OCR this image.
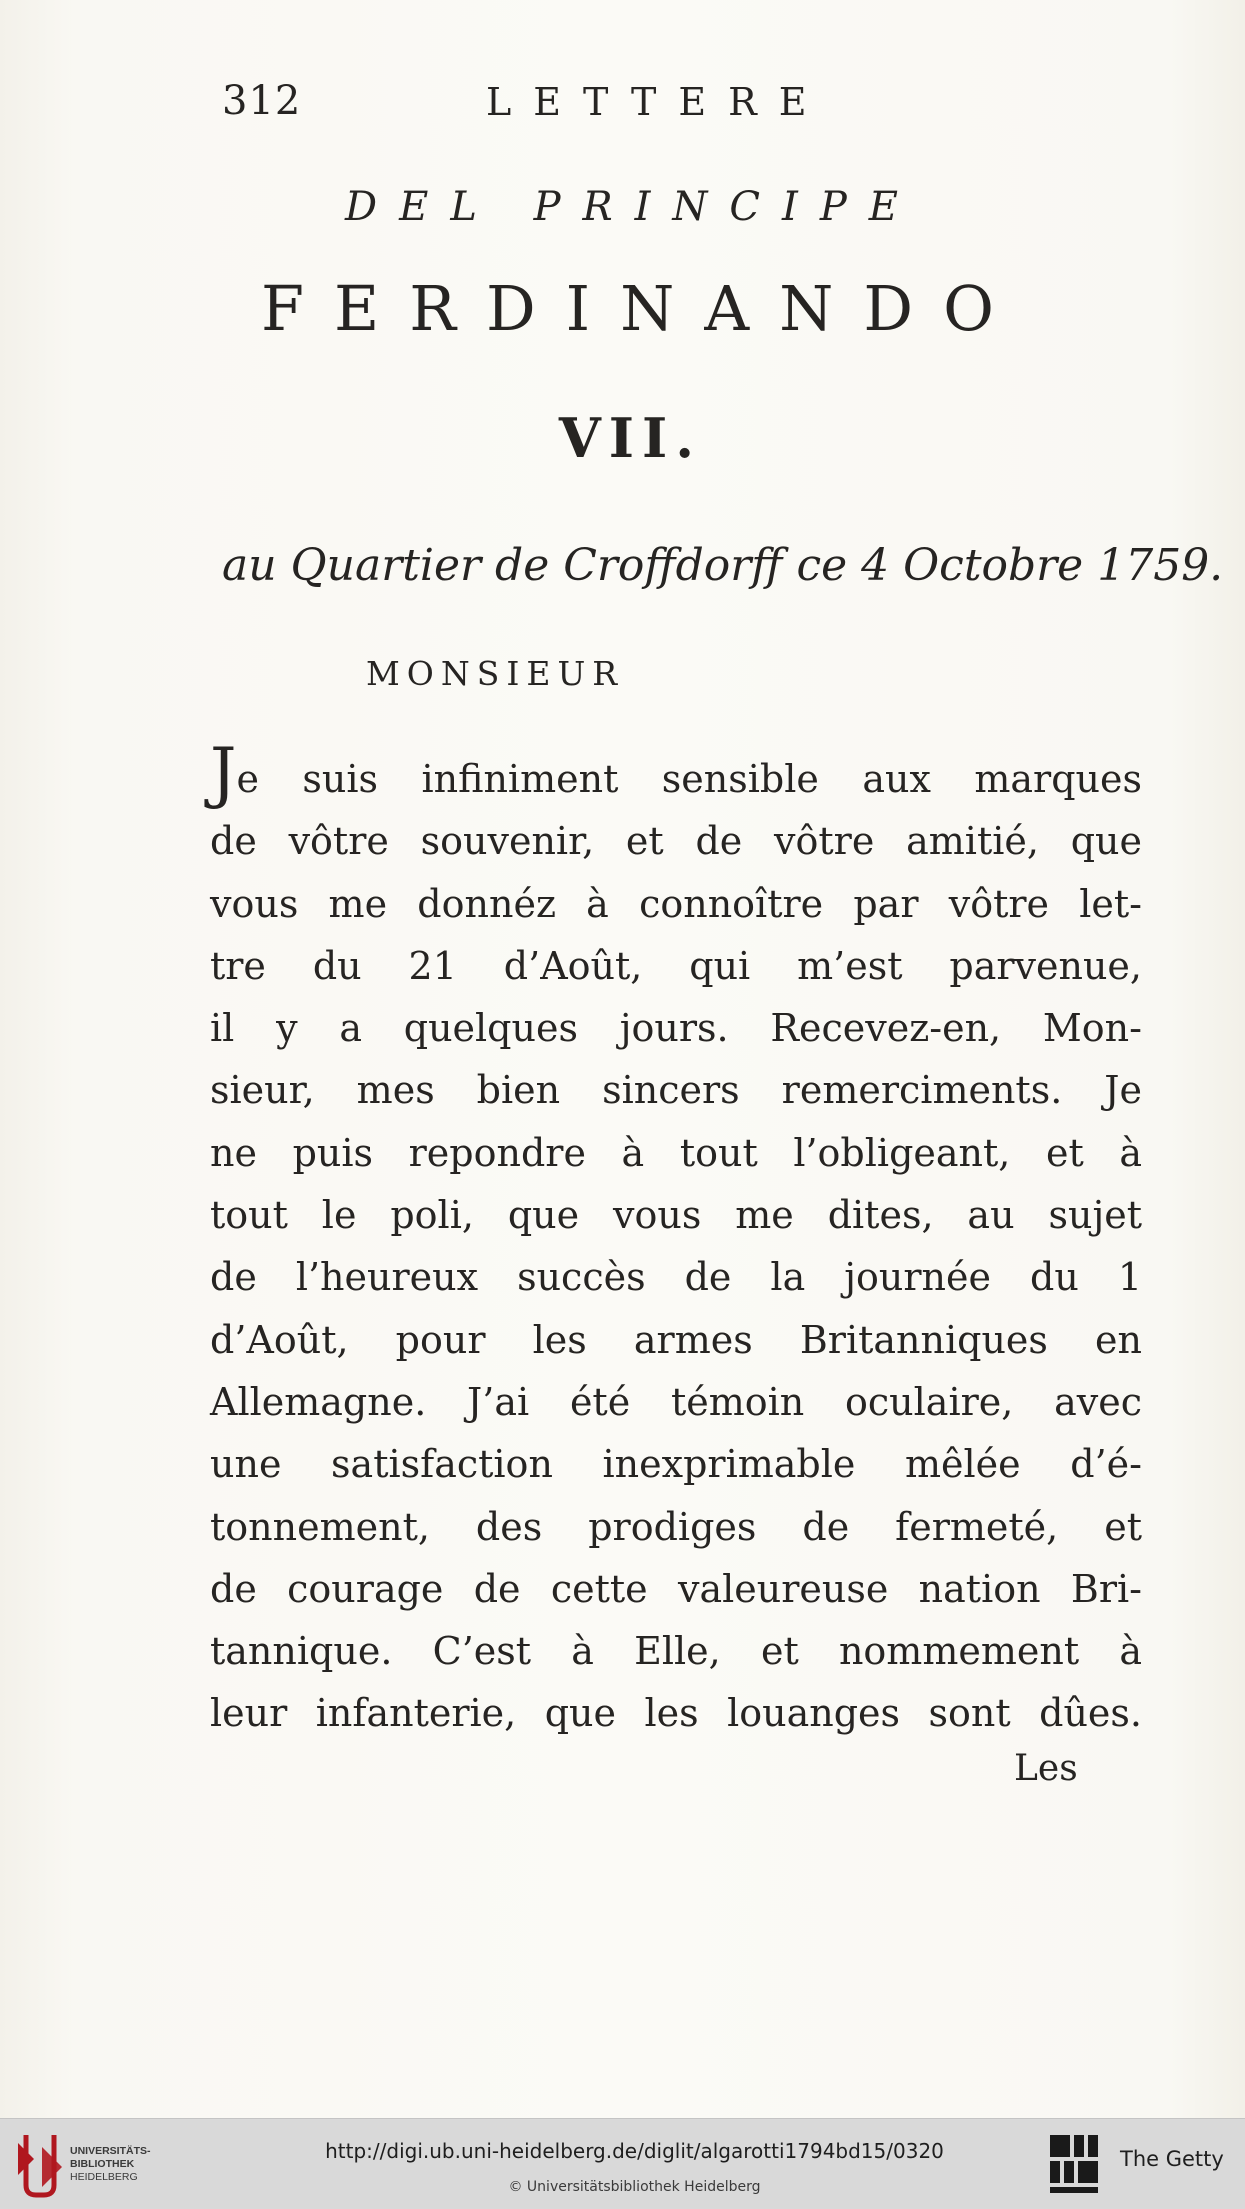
312	LETTERE
DEL PRINCIPE
FERDINANDO
VII.
au Quartier de Croffdorff ce 4 Octobre 1759.
MONSIEUR
Je suis infiniment sensible aux marques
de vôtre souvenir, et de vôtre amitié, que
vous me donnéz à connoître par vôtre let-
tre du 21 d’Août, qui m’est parvenue,
il y a quelques jours. Recevez-en, Mon-
sieur, mes bien sincers remerciments. Je
ne puis repondre à tout l’obligeant, et à
tout le poli, que vous me dites, au sujet
de l’heureux succès de la journée du 1
d’Août, pour les armes Britanniques en
Allemagne. J’ai été témoin oculaire, avec
une satisfaction inexprimable mêlée d’é-
tonnement, des prodiges de fermeté, et
de courage de cette valeureuse nation Bri-
tannique. C’est à Elle, et nommement à
leur infanterie, que les louanges sont dûes.
Les
UNIVERSITÄTS-
BIBLIOTHEK
HEIDELBERG
http://digi.ub.uni-heidelberg.de/diglit/algarotti1794bd15/0320
© Universitätsbibliothek Heidelberg
The Getty
